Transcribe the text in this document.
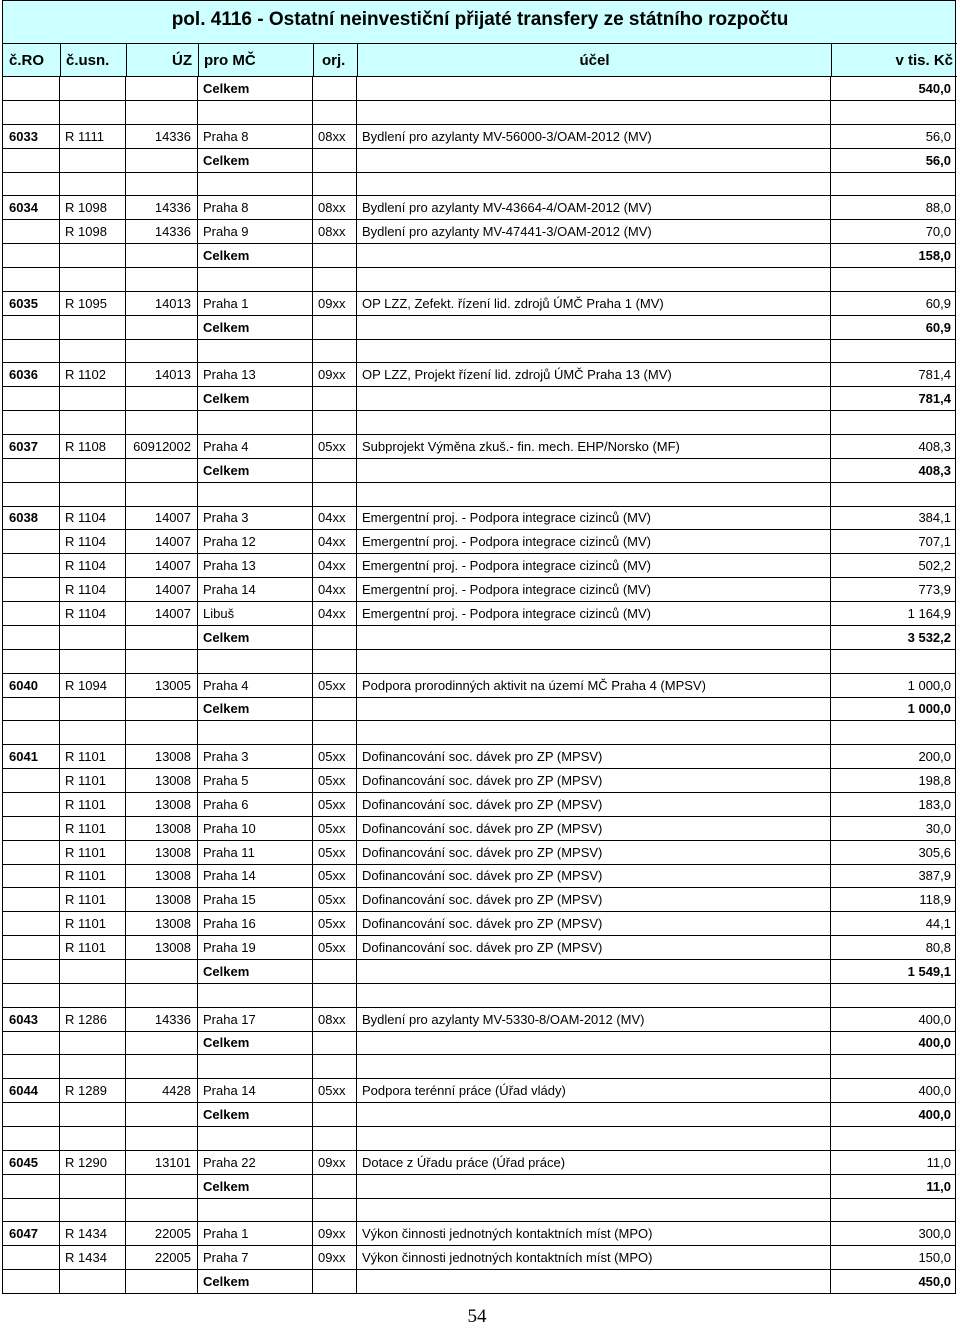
pol. 4116 - Ostatní neinvestiční přijaté transfery ze státního rozpočtu
č.RO	č.usn.	ÚZ pro MČ	orj.	účel	v tis. Kč
Celkem	540,0
6033	R 1111	14336 Praha 8	08xx	Bydlení pro azylanty MV-56000-3/OAM-2012 (MV)	56,0
Celkem	56,0
6034	R 1098	14336 Praha 8	08xx	Bydlení pro azylanty MV-43664-4/OAM-2012 (MV)	88,0
R 1098	14336 Praha 9	08xx	Bydlení pro azylanty MV-47441-3/OAM-2012 (MV)	70,0
Celkem	158,0
6035	R 1095	14013 Praha 1	09xx	OP LZZ, Zefekt. řízení lid. zdrojů ÚMČ Praha 1 (MV)	60,9
Celkem	60,9
6036	R 1102	14013 Praha 13	09xx	OP LZZ, Projekt řízení lid. zdrojů ÚMČ Praha 13 (MV)	781,4
Celkem	781,4
6037	R 1108	60912002 Praha 4	05xx	Subprojekt Výměna zkuš.- fin. mech. EHP/Norsko (MF)	408,3
Celkem	408,3
6038	R 1104	14007 Praha 3	04xx	Emergentní proj. - Podpora integrace cizinců (MV)	384,1
R 1104	14007 Praha 12	04xx	Emergentní proj. - Podpora integrace cizinců (MV)	707,1
R 1104	14007 Praha 13	04xx	Emergentní proj. - Podpora integrace cizinců (MV)	502,2
R 1104	14007 Praha 14	04xx	Emergentní proj. - Podpora integrace cizinců (MV)	773,9
R 1104	14007 Libuš	04xx	Emergentní proj. - Podpora integrace cizinců (MV)	1 164,9
Celkem	3 532,2
6040	R 1094	13005 Praha 4	05xx	Podpora prorodinných aktivit na území MČ Praha 4 (MPSV)	1 000,0
Celkem	1 000,0
6041	R 1101	13008 Praha 3	05xx	Dofinancování soc. dávek pro ZP (MPSV)	200,0
R 1101	13008 Praha 5	05xx	Dofinancování soc. dávek pro ZP (MPSV)	198,8
R 1101	13008 Praha 6	05xx	Dofinancování soc. dávek pro ZP (MPSV)	183,0
R 1101	13008 Praha 10	05xx	Dofinancování soc. dávek pro ZP (MPSV)	30,0
R 1101	13008 Praha 11	05xx	Dofinancování soc. dávek pro ZP (MPSV)	305,6
R 1101	13008 Praha 14	05xx	Dofinancování soc. dávek pro ZP (MPSV)	387,9
R 1101	13008 Praha 15	05xx	Dofinancování soc. dávek pro ZP (MPSV)	118,9
R 1101	13008 Praha 16	05xx	Dofinancování soc. dávek pro ZP (MPSV)	44,1
R 1101	13008 Praha 19	05xx	Dofinancování soc. dávek pro ZP (MPSV)	80,8
Celkem	1 549,1
6043	R 1286	14336 Praha 17	08xx	Bydlení pro azylanty MV-5330-8/OAM-2012 (MV)	400,0
Celkem	400,0
6044	R 1289	4428 Praha 14	05xx	Podpora terénní práce (Úřad vlády)	400,0
Celkem	400,0
6045	R 1290	13101 Praha 22	09xx	Dotace z Úřadu práce (Úřad práce)	11,0
Celkem	11,0
6047	R 1434	22005 Praha 1	09xx	Výkon činnosti jednotných kontaktních míst (MPO)	300,0
R 1434	22005 Praha 7	09xx	Výkon činnosti jednotných kontaktních míst (MPO)	150,0
Celkem	450,0
54
